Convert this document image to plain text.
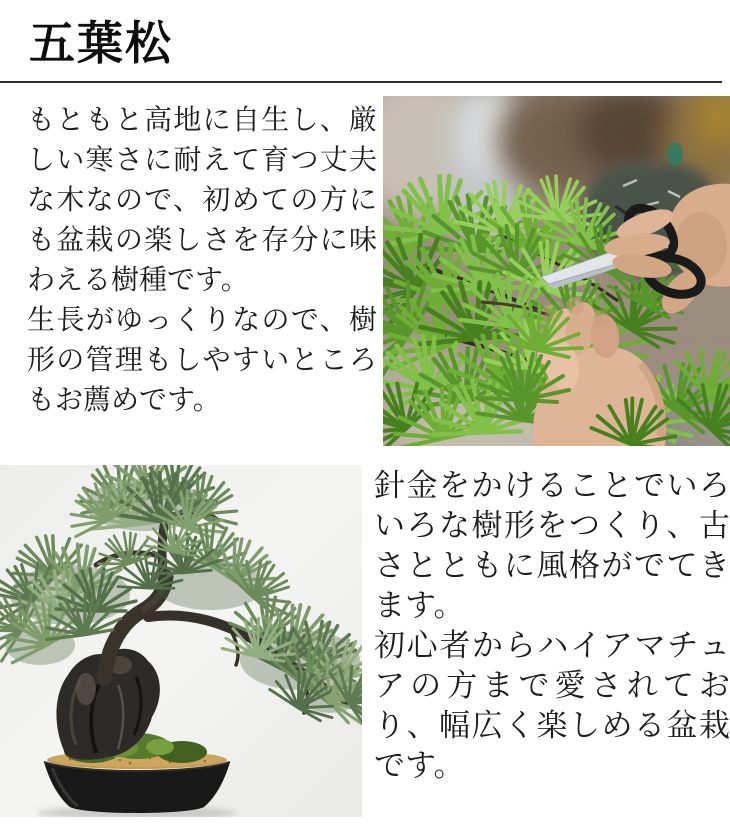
五葉松

もともと高地に自生し、厳しい寒さに耐えて育つ丈夫な木なので、初めての方にも盆栽の楽しさを存分に味わえる樹種です。

生長がゆっくりなので、樹形の管理もしやすいところもお薦めです。

針金をかけることでいろいろな樹形をつくり、古さとともに風格がでてきます。

初心者からハイアマチュアの方まで愛されており、幅広く楽しめる盆栽です。
